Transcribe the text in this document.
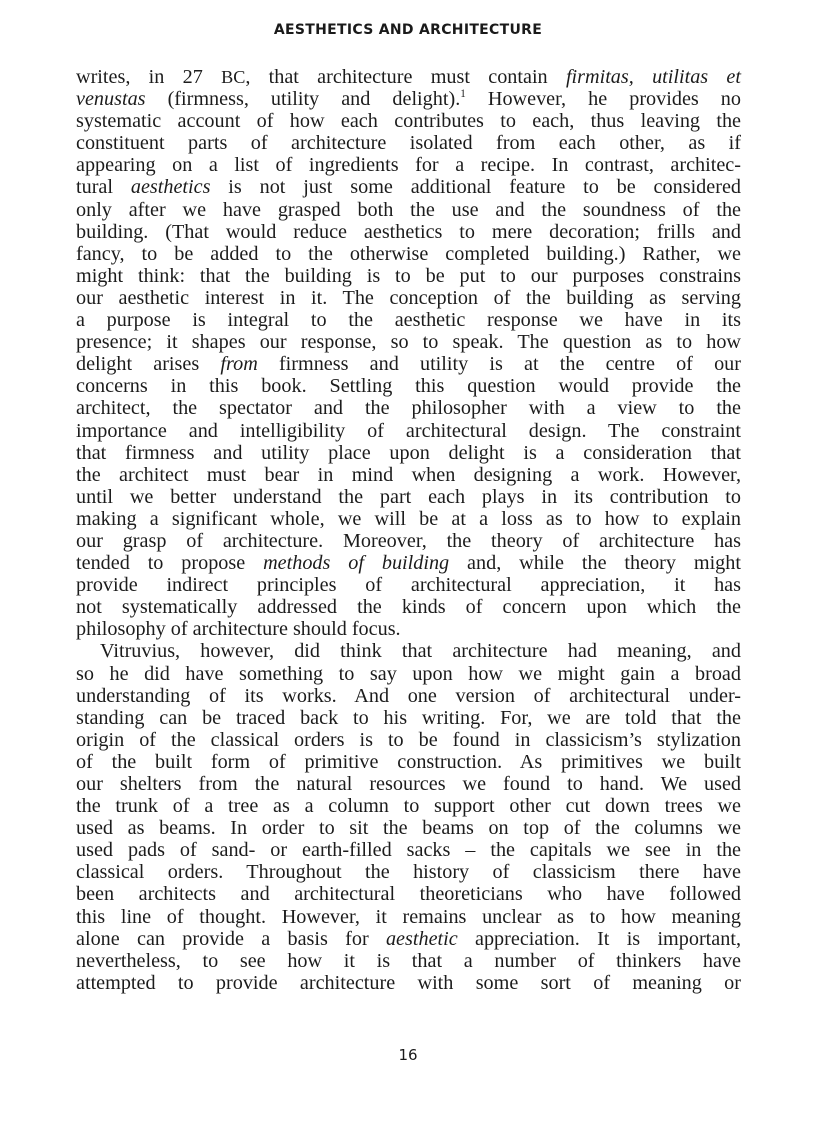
AESTHETICS AND ARCHITECTURE
writes, in 27 BC, that architecture must contain firmitas, utilitas et
venustas (firmness, utility and delight).$^1$ However, he provides no
systematic account of how each contributes to each, thus leaving the
constituent parts of architecture isolated from each other, as if
appearing on a list of ingredients for a recipe. In contrast, architec-
tural aesthetics is not just some additional feature to be considered
only after we have grasped both the use and the soundness of the
building. (That would reduce aesthetics to mere decoration; frills and
fancy, to be added to the otherwise completed building.) Rather, we
might think: that the building is to be put to our purposes constrains
our aesthetic interest in it. The conception of the building as serving
a purpose is integral to the aesthetic response we have in its
presence; it shapes our response, so to speak. The question as to how
delight arises from firmness and utility is at the centre of our
concerns in this book. Settling this question would provide the
architect, the spectator and the philosopher with a view to the
importance and intelligibility of architectural design. The constraint
that firmness and utility place upon delight is a consideration that
the architect must bear in mind when designing a work. However,
until we better understand the part each plays in its contribution to
making a significant whole, we will be at a loss as to how to explain
our grasp of architecture. Moreover, the theory of architecture has
tended to propose methods of building and, while the theory might
provide indirect principles of architectural appreciation, it has
not systematically addressed the kinds of concern upon which the
philosophy of architecture should focus.
Vitruvius, however, did think that architecture had meaning, and
so he did have something to say upon how we might gain a broad
understanding of its works. And one version of architectural under-
standing can be traced back to his writing. For, we are told that the
origin of the classical orders is to be found in classicism’s stylization
of the built form of primitive construction. As primitives we built
our shelters from the natural resources we found to hand. We used
the trunk of a tree as a column to support other cut down trees we
used as beams. In order to sit the beams on top of the columns we
used pads of sand- or earth-filled sacks – the capitals we see in the
classical orders. Throughout the history of classicism there have
been architects and architectural theoreticians who have followed
this line of thought. However, it remains unclear as to how meaning
alone can provide a basis for aesthetic appreciation. It is important,
nevertheless, to see how it is that a number of thinkers have
attempted to provide architecture with some sort of meaning or
16
